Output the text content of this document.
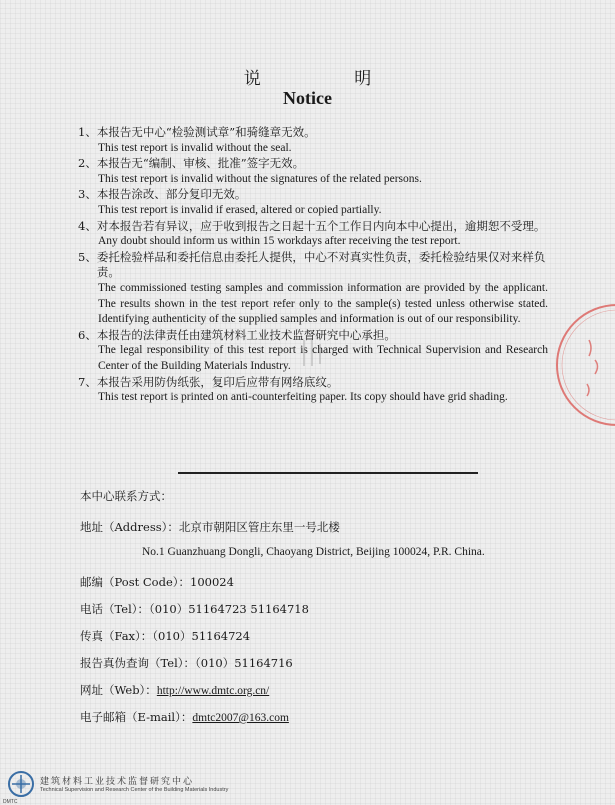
说 明
Notice
1、 本报告无中心“检验测试章”和骑缝章无效。
This test report is invalid without the seal.
2、 本报告无“编制、审核、批准”签字无效。
This test report is invalid without the signatures of the related persons.
3、 本报告涂改、部分复印无效。
This test report is invalid if erased, altered or copied partially.
4、 对本报告若有异议，应于收到报告之日起十五个工作日内向本中心提出，逾期恕不受理。
Any doubt should inform us within 15 workdays after receiving the test report.
5、 委托检验样品和委托信息由委托人提供，中心不对真实性负责，委托检验结果仅对来样负责。
The commissioned testing samples and commission information are provided by the applicant. The results shown in the test report refer only to the sample(s) tested unless otherwise stated. Identifying authenticity of the supplied samples and information is out of our responsibility.
6、 本报告的法律责任由建筑材料工业技术监督研究中心承担。
The legal responsibility of this test report is charged with Technical Supervision and Research Center of the Building Materials Industry.
7、 本报告采用防伪纸张，复印后应带有网络底纹。
This test report is printed on anti-counterfeiting paper. Its copy should have grid shading.
本中心联系方式：
地址（Address）：北京市朝阳区管庄东里一号北楼
No.1 Guanzhuang Dongli, Chaoyang District, Beijing 100024, P.R. China.
邮编（Post Code）：100024
电话（Tel）：（010）51164723 51164718
传真（Fax）：（010）51164724
报告真伪查询（Tel）：（010）51164716
网址（Web）：http://www.dmtc.org.cn/
电子邮箱（E-mail）：dmtc2007@163.com
建筑材料工业技术监督研究中心
Technical Supervision and Research Center of the Building Materials Industry
DMTC
